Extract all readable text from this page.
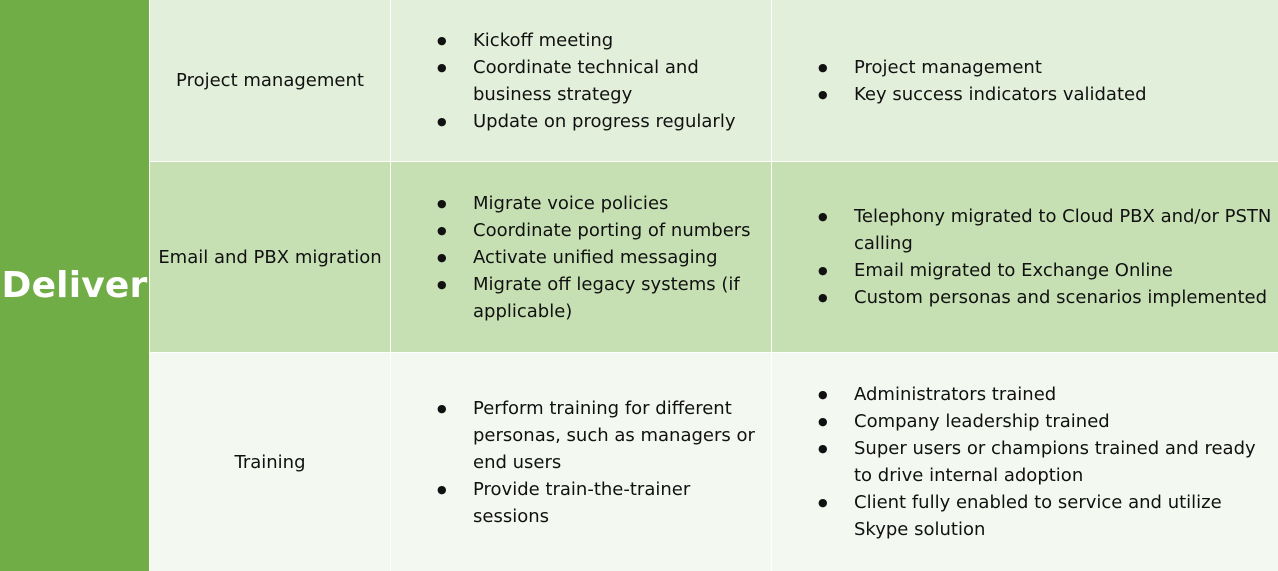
Deliver
Project management
● Kickoff meeting
● Coordinate technical and business strategy
● Update on progress regularly
● Project management
● Key success indicators validated
Email and PBX migration
● Migrate voice policies
● Coordinate porting of numbers
● Activate unified messaging
● Migrate off legacy systems (if applicable)
● Telephony migrated to Cloud PBX and/or PSTN calling
● Email migrated to Exchange Online
● Custom personas and scenarios implemented
Training
● Perform training for different personas, such as managers or end users
● Provide train-the-trainer sessions
● Administrators trained
● Company leadership trained
● Super users or champions trained and ready to drive internal adoption
● Client fully enabled to service and utilize Skype solution
